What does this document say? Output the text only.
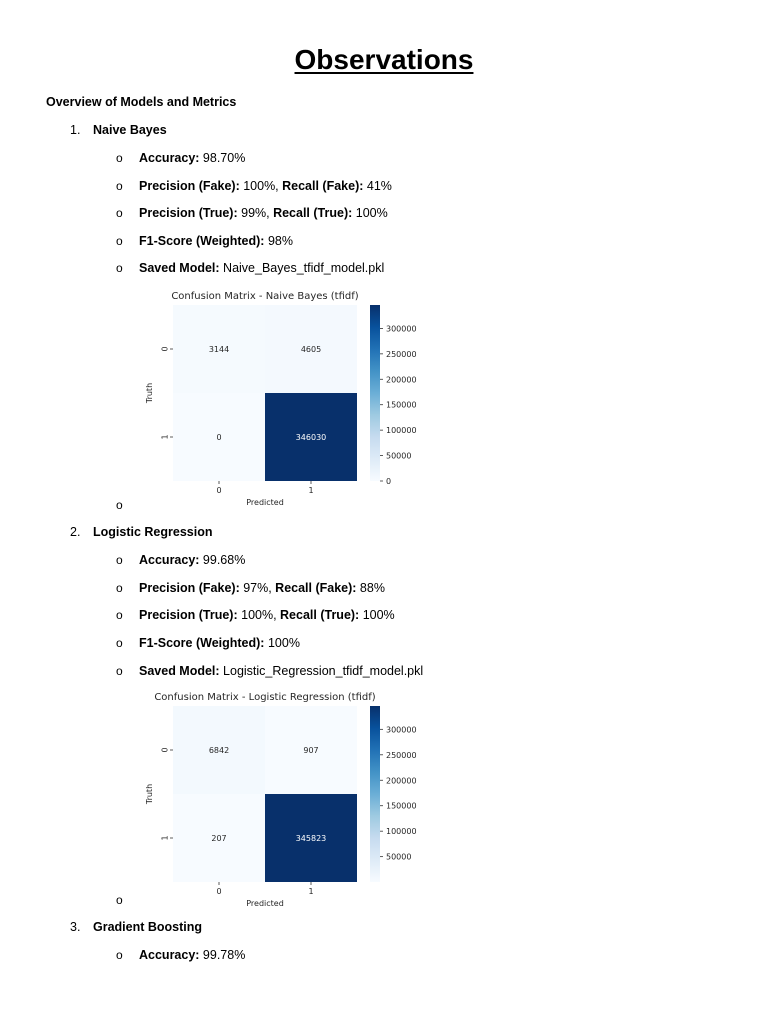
Observations
Overview of Models and Metrics
1. Naive Bayes
o Accuracy: 98.70%
o Precision (Fake): 100%, Recall (Fake): 41%
o Precision (True): 99%, Recall (True): 100%
o F1-Score (Weighted): 98%
o Saved Model: Naive_Bayes_tfidf_model.pkl
2. Logistic Regression
o Accuracy: 99.68%
o Precision (Fake): 97%, Recall (Fake): 88%
o Precision (True): 100%, Recall (True): 100%
o F1-Score (Weighted): 100%
o Saved Model: Logistic_Regression_tfidf_model.pkl
3. Gradient Boosting
o Accuracy: 99.78%
o
o
Confusion Matrix - Naive Bayes (tfidf)
3144	4605
0	346030
0	1
0
1
Predicted
Truth
0
50000
100000
150000
200000
250000
300000
Confusion Matrix - Logistic Regression (tfidf)
6842	907
207	345823
0	1
0
1
Predicted
Truth
50000
100000
150000
200000
250000
300000
